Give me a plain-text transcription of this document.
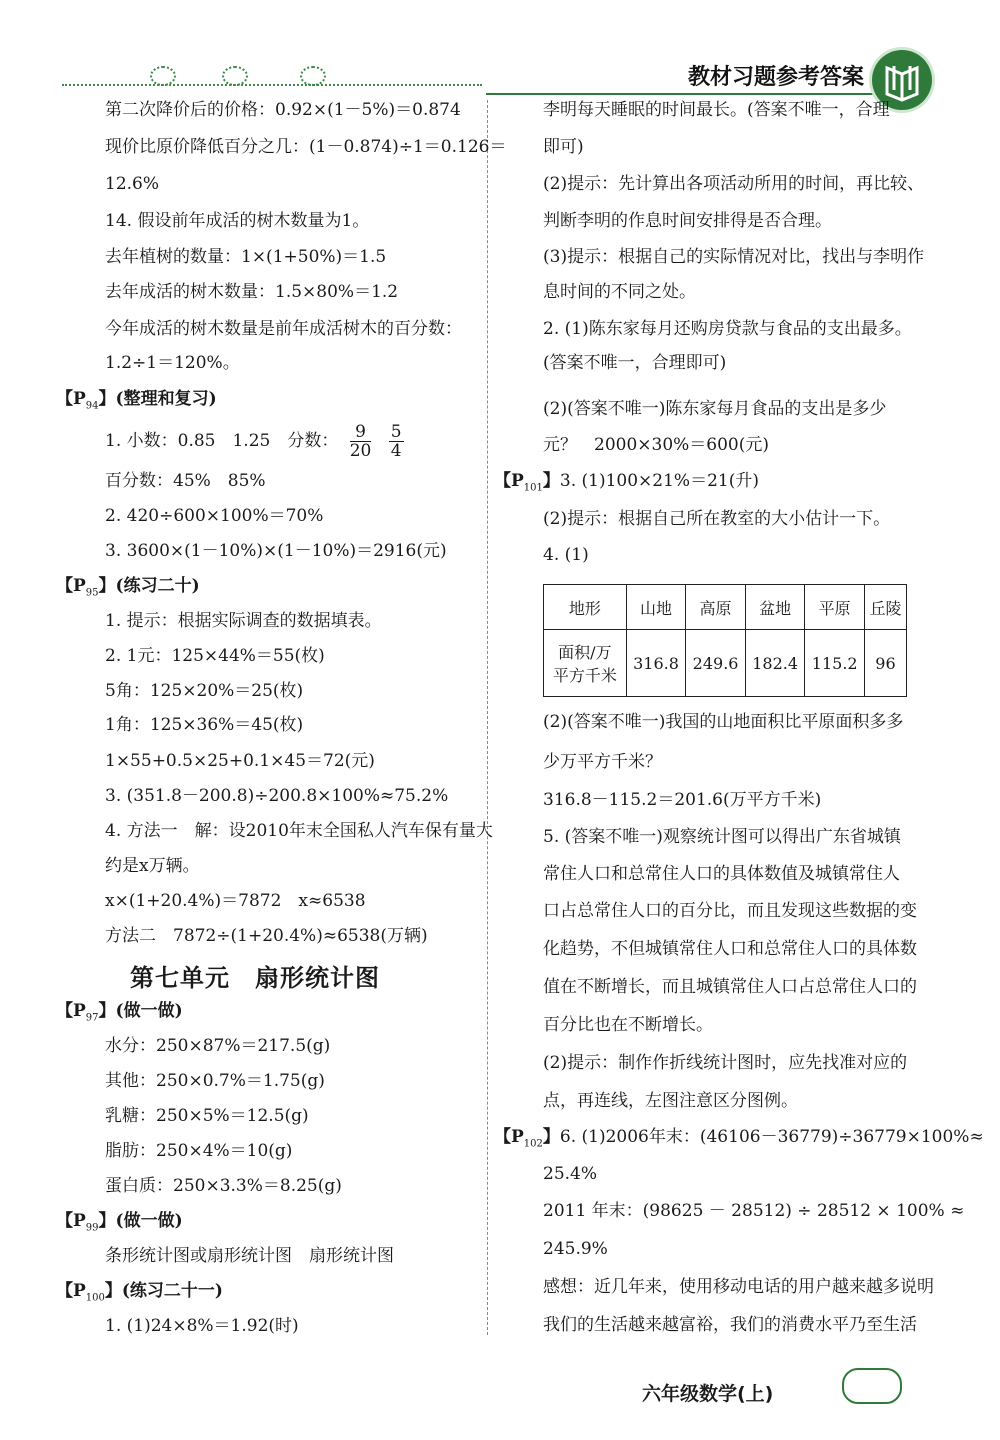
教材习题参考答案
第二次降价后的价格：0.92×(1－5%)＝0.874
现价比原价降低百分之几：(1－0.874)÷1＝0.126＝
12.6%
14. 假设前年成活的树木数量为1。
去年植树的数量：1×(1+50%)＝1.5
去年成活的树木数量：1.5×80%＝1.2
今年成活的树木数量是前年成活树木的百分数：
1.2÷1＝120%。
【$P_{94}$】(整理和复习)
1. 小数：0.85　1.25　分数： $\frac{9}{20}$
$\frac{5}{4}$
百分数：45%　85%
2. 420÷600×100%＝70%
3. 3600×(1－10%)×(1－10%)＝2916(元)
【$P_{95}$】(练习二十)
1. 提示：根据实际调查的数据填表。
2. 1元：125×44%＝55(枚)
5角：125×20%＝25(枚)
1角：125×36%＝45(枚)
1×55+0.5×25+0.1×45＝72(元)
3. (351.8－200.8)÷200.8×100%≈75.2%
4. 方法一　解：设2010年末全国私人汽车保有量大
约是x万辆。
x×(1+20.4%)＝7872　x≈6538
方法二　7872÷(1+20.4%)≈6538(万辆)
第七单元　扇形统计图
【$P_{97}$】(做一做)
水分：250×87%＝217.5(g)
其他：250×0.7%＝1.75(g)
乳糖：250×5%＝12.5(g)
脂肪：250×4%＝10(g)
蛋白质：250×3.3%＝8.25(g)
【$P_{99}$】(做一做)
条形统计图或扇形统计图　扇形统计图
【$P_{100}$】(练习二十一)
1. (1)24×8%＝1.92(时)
李明每天睡眠的时间最长。(答案不唯一，合理
即可)
(2)提示：先计算出各项活动所用的时间，再比较、
判断李明的作息时间安排得是否合理。
(3)提示：根据自己的实际情况对比，找出与李明作
息时间的不同之处。
2. (1)陈东家每月还购房贷款与食品的支出最多。
(答案不唯一，合理即可)
(2)(答案不唯一)陈东家每月食品的支出是多少
元？　2000×30%＝600(元)
【$P_{101}$】3. (1)100×21%＝21(升)
(2)提示：根据自己所在教室的大小估计一下。
4. (1)
地形	山地	高原	盆地	平原	丘陵

面积/万
平方千米	316.8	249.6	182.4	115.2	96
(2)(答案不唯一)我国的山地面积比平原面积多多
少万平方千米？
316.8－115.2＝201.6(万平方千米)
5. (答案不唯一)观察统计图可以得出广东省城镇
常住人口和总常住人口的具体数值及城镇常住人
口占总常住人口的百分比，而且发现这些数据的变
化趋势，不但城镇常住人口和总常住人口的具体数
值在不断增长，而且城镇常住人口占总常住人口的
百分比也在不断增长。
(2)提示：制作作折线统计图时，应先找准对应的
点，再连线，左图注意区分图例。
【$P_{102}$】6. (1)2006年末：(46106－36779)÷36779×100%≈
25.4%
2011 年末：(98625 － 28512) ÷ 28512 × 100% ≈
245.9%
感想：近几年来，使用移动电话的用户越来越多说明
我们的生活越来越富裕，我们的消费水平乃至生活
六年级数学(上)
